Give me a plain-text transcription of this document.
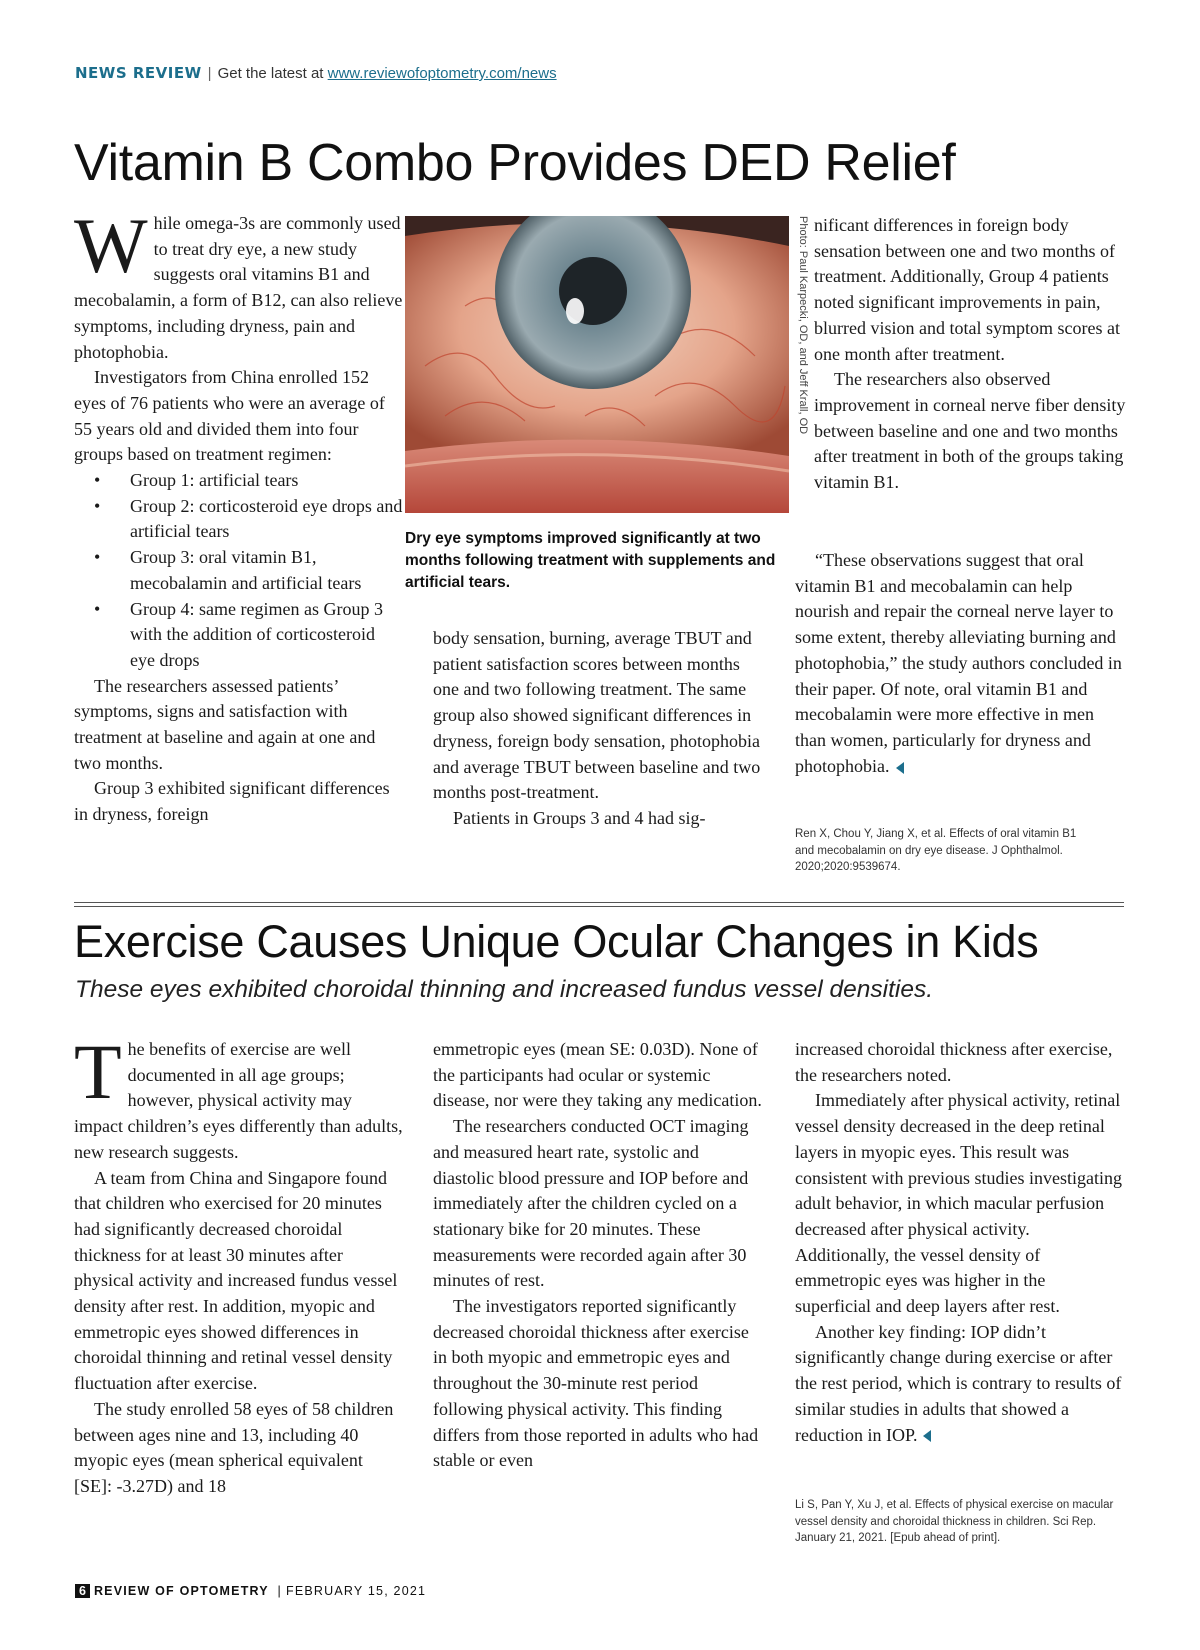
NEWS REVIEW | Get the latest at www.reviewofoptometry.com/news
Vitamin B Combo Provides DED Relief

While omega-3s are commonly used to treat dry eye, a new study suggests oral vitamins B1 and mecobalamin, a form of B12, can also relieve symptoms, including dryness, pain and photophobia.

Investigators from China enrolled 152 eyes of 76 patients who were an average of 55 years old and divided them into four groups based on treatment regimen:

• Group 1: artificial tears
• Group 2: corticosteroid eye drops and artificial tears
• Group 3: oral vitamin B1, mecobalamin and artificial tears
• Group 4: same regimen as Group 3 with the addition of corticosteroid eye drops

The researchers assessed patients’ symptoms, signs and satisfaction with treatment at baseline and again at one and two months.

Group 3 exhibited significant differences in dryness, foreign

Photo: Paul Karpecki, OD, and Jeff Krall, OD
Dry eye symptoms improved significantly at two months following treatment with supplements and artificial tears.

body sensation, burning, average TBUT and patient satisfaction scores between months one and two following treatment. The same group also showed significant differences in dryness, foreign body sensation, photophobia and average TBUT between baseline and two months post-treatment.

Patients in Groups 3 and 4 had sig-

nificant differences in foreign body sensation between one and two months of treatment. Additionally, Group 4 patients noted significant improvements in pain, blurred vision and total symptom scores at one month after treatment.

The researchers also observed improvement in corneal nerve fiber density between baseline and one and two months after treatment in both of the groups taking vitamin B1.

“These observations suggest that oral vitamin B1 and mecobalamin can help nourish and repair the corneal nerve layer to some extent, thereby alleviating burning and photophobia,” the study authors concluded in their paper. Of note, oral vitamin B1 and mecobalamin were more effective in men than women, particularly for dryness and photophobia.

Ren X, Chou Y, Jiang X, et al. Effects of oral vitamin B1 and mecobalamin on dry eye disease. J Ophthalmol. 2020;2020:9539674.
Exercise Causes Unique Ocular Changes in Kids
These eyes exhibited choroidal thinning and increased fundus vessel densities.

The benefits of exercise are well documented in all age groups; however, physical activity may impact children’s eyes differently than adults, new research suggests.

A team from China and Singapore found that children who exercised for 20 minutes had significantly decreased choroidal thickness for at least 30 minutes after physical activity and increased fundus vessel density after rest. In addition, myopic and emmetropic eyes showed differences in choroidal thinning and retinal vessel density fluctuation after exercise.

The study enrolled 58 eyes of 58 children between ages nine and 13, including 40 myopic eyes (mean spherical equivalent [SE]: -3.27D) and 18

emmetropic eyes (mean SE: 0.03D). None of the participants had ocular or systemic disease, nor were they taking any medication.

The researchers conducted OCT imaging and measured heart rate, systolic and diastolic blood pressure and IOP before and immediately after the children cycled on a stationary bike for 20 minutes. These measurements were recorded again after 30 minutes of rest.

The investigators reported significantly decreased choroidal thickness after exercise in both myopic and emmetropic eyes and throughout the 30-minute rest period following physical activity. This finding differs from those reported in adults who had stable or even

increased choroidal thickness after exercise, the researchers noted.

Immediately after physical activity, retinal vessel density decreased in the deep retinal layers in myopic eyes. This result was consistent with previous studies investigating adult behavior, in which macular perfusion decreased after physical activity. Additionally, the vessel density of emmetropic eyes was higher in the superficial and deep layers after rest.

Another key finding: IOP didn’t significantly change during exercise or after the rest period, which is contrary to results of similar studies in adults that showed a reduction in IOP.

Li S, Pan Y, Xu J, et al. Effects of physical exercise on macular vessel density and choroidal thickness in children. Sci Rep. January 21, 2021. [Epub ahead of print].
6 REVIEW OF OPTOMETRY | FEBRUARY 15, 2021
